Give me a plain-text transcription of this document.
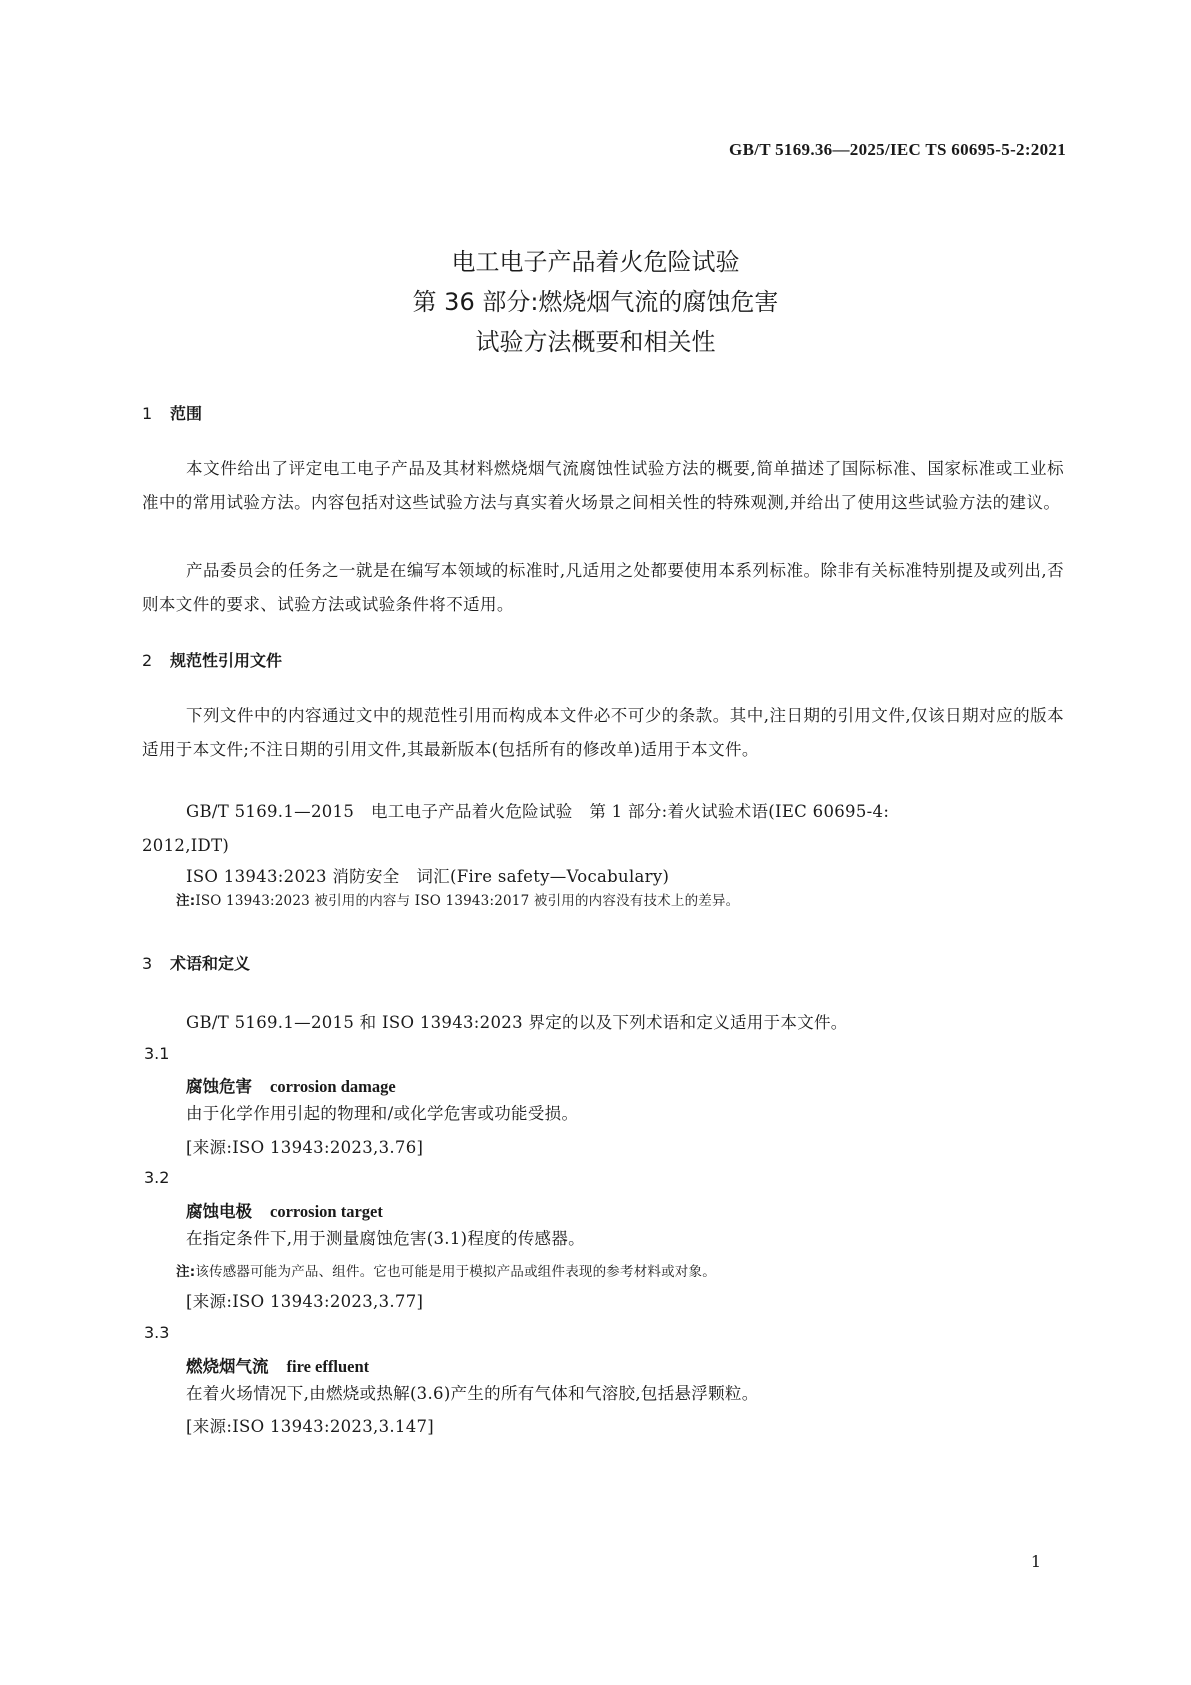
GB/T 5169.36—2025/IEC TS 60695-5-2:2021
电工电子产品着火危险试验
第 36 部分:燃烧烟气流的腐蚀危害
试验方法概要和相关性
1 范围
本文件给出了评定电工电子产品及其材料燃烧烟气流腐蚀性试验方法的概要,简单描述了国际标准、国家标准或工业标准中的常用试验方法。内容包括对这些试验方法与真实着火场景之间相关性的特殊观测,并给出了使用这些试验方法的建议。
产品委员会的任务之一就是在编写本领域的标准时,凡适用之处都要使用本系列标准。除非有关标准特别提及或列出,否则本文件的要求、试验方法或试验条件将不适用。
2 规范性引用文件
下列文件中的内容通过文中的规范性引用而构成本文件必不可少的条款。其中,注日期的引用文件,仅该日期对应的版本适用于本文件;不注日期的引用文件,其最新版本(包括所有的修改单)适用于本文件。
GB/T 5169.1—2015　电工电子产品着火危险试验　第 1 部分:着火试验术语(IEC 60695-4:
2012,IDT)
ISO 13943:2023 消防安全　词汇(Fire safety—Vocabulary)
注:ISO 13943:2023 被引用的内容与 ISO 13943:2017 被引用的内容没有技术上的差异。
3 术语和定义
GB/T 5169.1—2015 和 ISO 13943:2023 界定的以及下列术语和定义适用于本文件。
3.1
腐蚀危害 corrosion damage
由于化学作用引起的物理和/或化学危害或功能受损。
[来源:ISO 13943:2023,3.76]
3.2
腐蚀电极 corrosion target
在指定条件下,用于测量腐蚀危害(3.1)程度的传感器。
注:该传感器可能为产品、组件。它也可能是用于模拟产品或组件表现的参考材料或对象。
[来源:ISO 13943:2023,3.77]
3.3
燃烧烟气流 fire effluent
在着火场情况下,由燃烧或热解(3.6)产生的所有气体和气溶胶,包括悬浮颗粒。
[来源:ISO 13943:2023,3.147]
1
